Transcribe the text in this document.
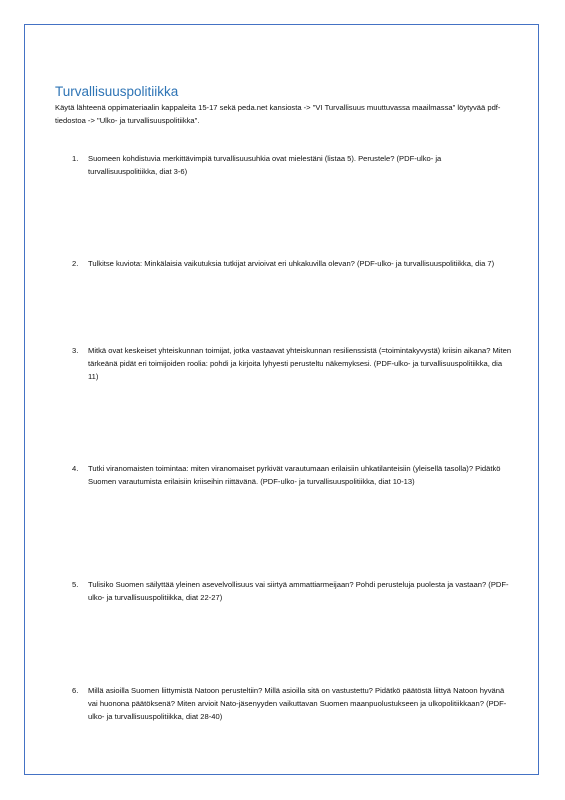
Turvallisuuspolitiikka

Käytä lähteenä oppimateriaalin kappaleita 15-17 sekä peda.net kansiosta -> "VI Turvallisuus muuttuvassa maailmassa" löytyvää pdf-tiedostoa -> "Ulko- ja turvallisuuspolitiikka".

1.	Suomeen kohdistuvia merkittävimpiä turvallisuusuhkia ovat mielestäni (listaa 5). Perustele? (PDF-ulko- ja turvallisuuspolitiikka, diat 3-6)
2.	Tulkitse kuviota: Minkälaisia vaikutuksia tutkijat arvioivat eri uhkakuvilla olevan? (PDF-ulko- ja turvallisuuspolitiikka, dia 7)
3.	Mitkä ovat keskeiset yhteiskunnan toimijat, jotka vastaavat yhteiskunnan resilienssistä (=toimintakyvystä) kriisin aikana? Miten tärkeänä pidät eri toimijoiden roolia: pohdi ja kirjoita lyhyesti perusteltu näkemyksesi. (PDF-ulko- ja turvallisuuspolitiikka, dia 11)
4.	Tutki viranomaisten toimintaa: miten viranomaiset pyrkivät varautumaan erilaisiin uhkatilanteisiin (yleisellä tasolla)? Pidätkö Suomen varautumista erilaisiin kriiseihin riittävänä. (PDF-ulko- ja turvallisuuspolitiikka, diat 10-13)
5.	Tulisiko Suomen säilyttää yleinen asevelvollisuus vai siirtyä ammattiarmeijaan? Pohdi perusteluja puolesta ja vastaan? (PDF-ulko- ja turvallisuuspolitiikka, diat 22-27)
6.	Millä asioilla Suomen liittymistä Natoon perusteltiin? Millä asioilla sitä on vastustettu? Pidätkö päätöstä liittyä Natoon hyvänä vai huonona päätöksenä? Miten arvioit Nato-jäsenyyden vaikuttavan Suomen maanpuolustukseen ja ulkopolitiikkaan? (PDF-ulko- ja turvallisuuspolitiikka, diat 28-40)
